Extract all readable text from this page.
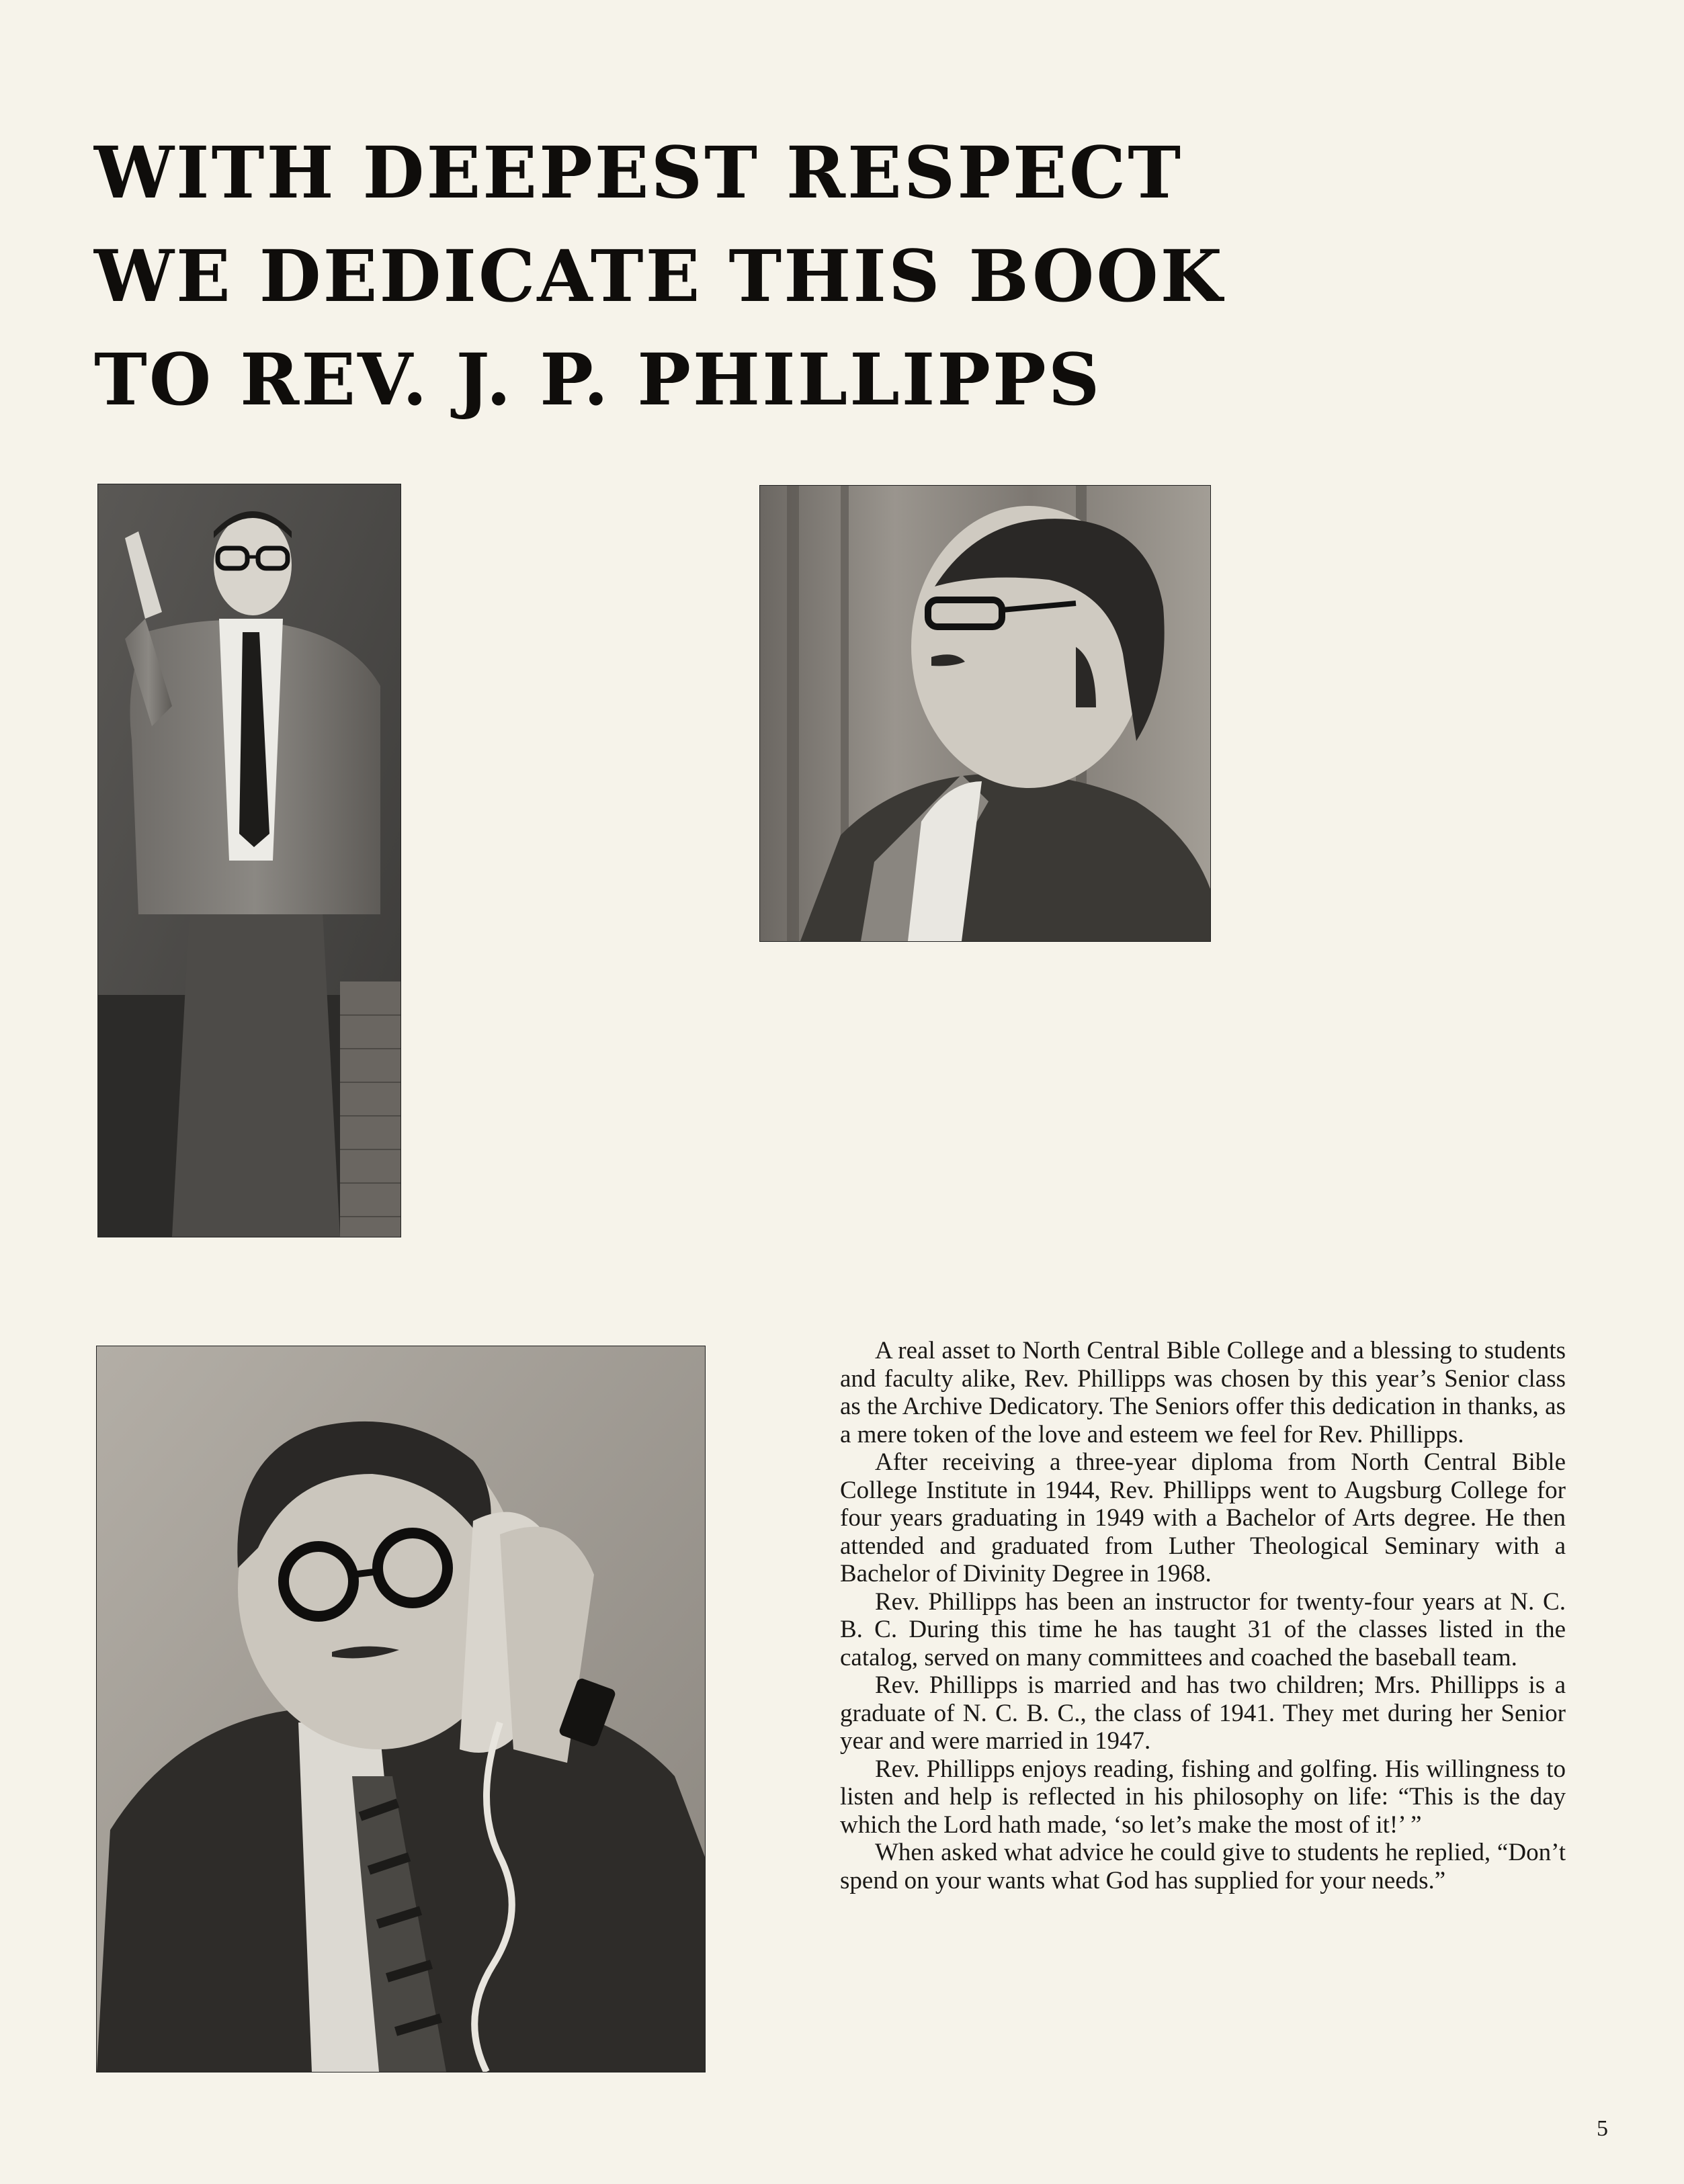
WITH DEEPEST RESPECT
WE DEDICATE THIS BOOK
TO REV. J. P. PHILLIPPS

A real asset to North Central Bible College and a blessing to students and faculty alike, Rev. Phillipps was chosen by this year’s Senior class as the Archive Dedicatory. The Seniors offer this dedication in thanks, as a mere token of the love and esteem we feel for Rev. Phillipps.

After receiving a three-year diploma from North Central Bible College Institute in 1944, Rev. Phillipps went to Augsburg College for four years graduating in 1949 with a Bachelor of Arts degree. He then attended and graduated from Luther Theological Seminary with a Bachelor of Divinity Degree in 1968.

Rev. Phillipps has been an instructor for twenty-four years at N. C. B. C. During this time he has taught 31 of the classes listed in the catalog, served on many committees and coached the baseball team.

Rev. Phillipps is married and has two children; Mrs. Phillipps is a graduate of N. C. B. C., the class of 1941. They met during her Senior year and were married in 1947.

Rev. Phillipps enjoys reading, fishing and golfing. His willingness to listen and help is reflected in his philosophy on life: “This is the day which the Lord hath made, ‘so let’s make the most of it!’ ”

When asked what advice he could give to students he replied, “Don’t spend on your wants what God has supplied for your needs.”

5
